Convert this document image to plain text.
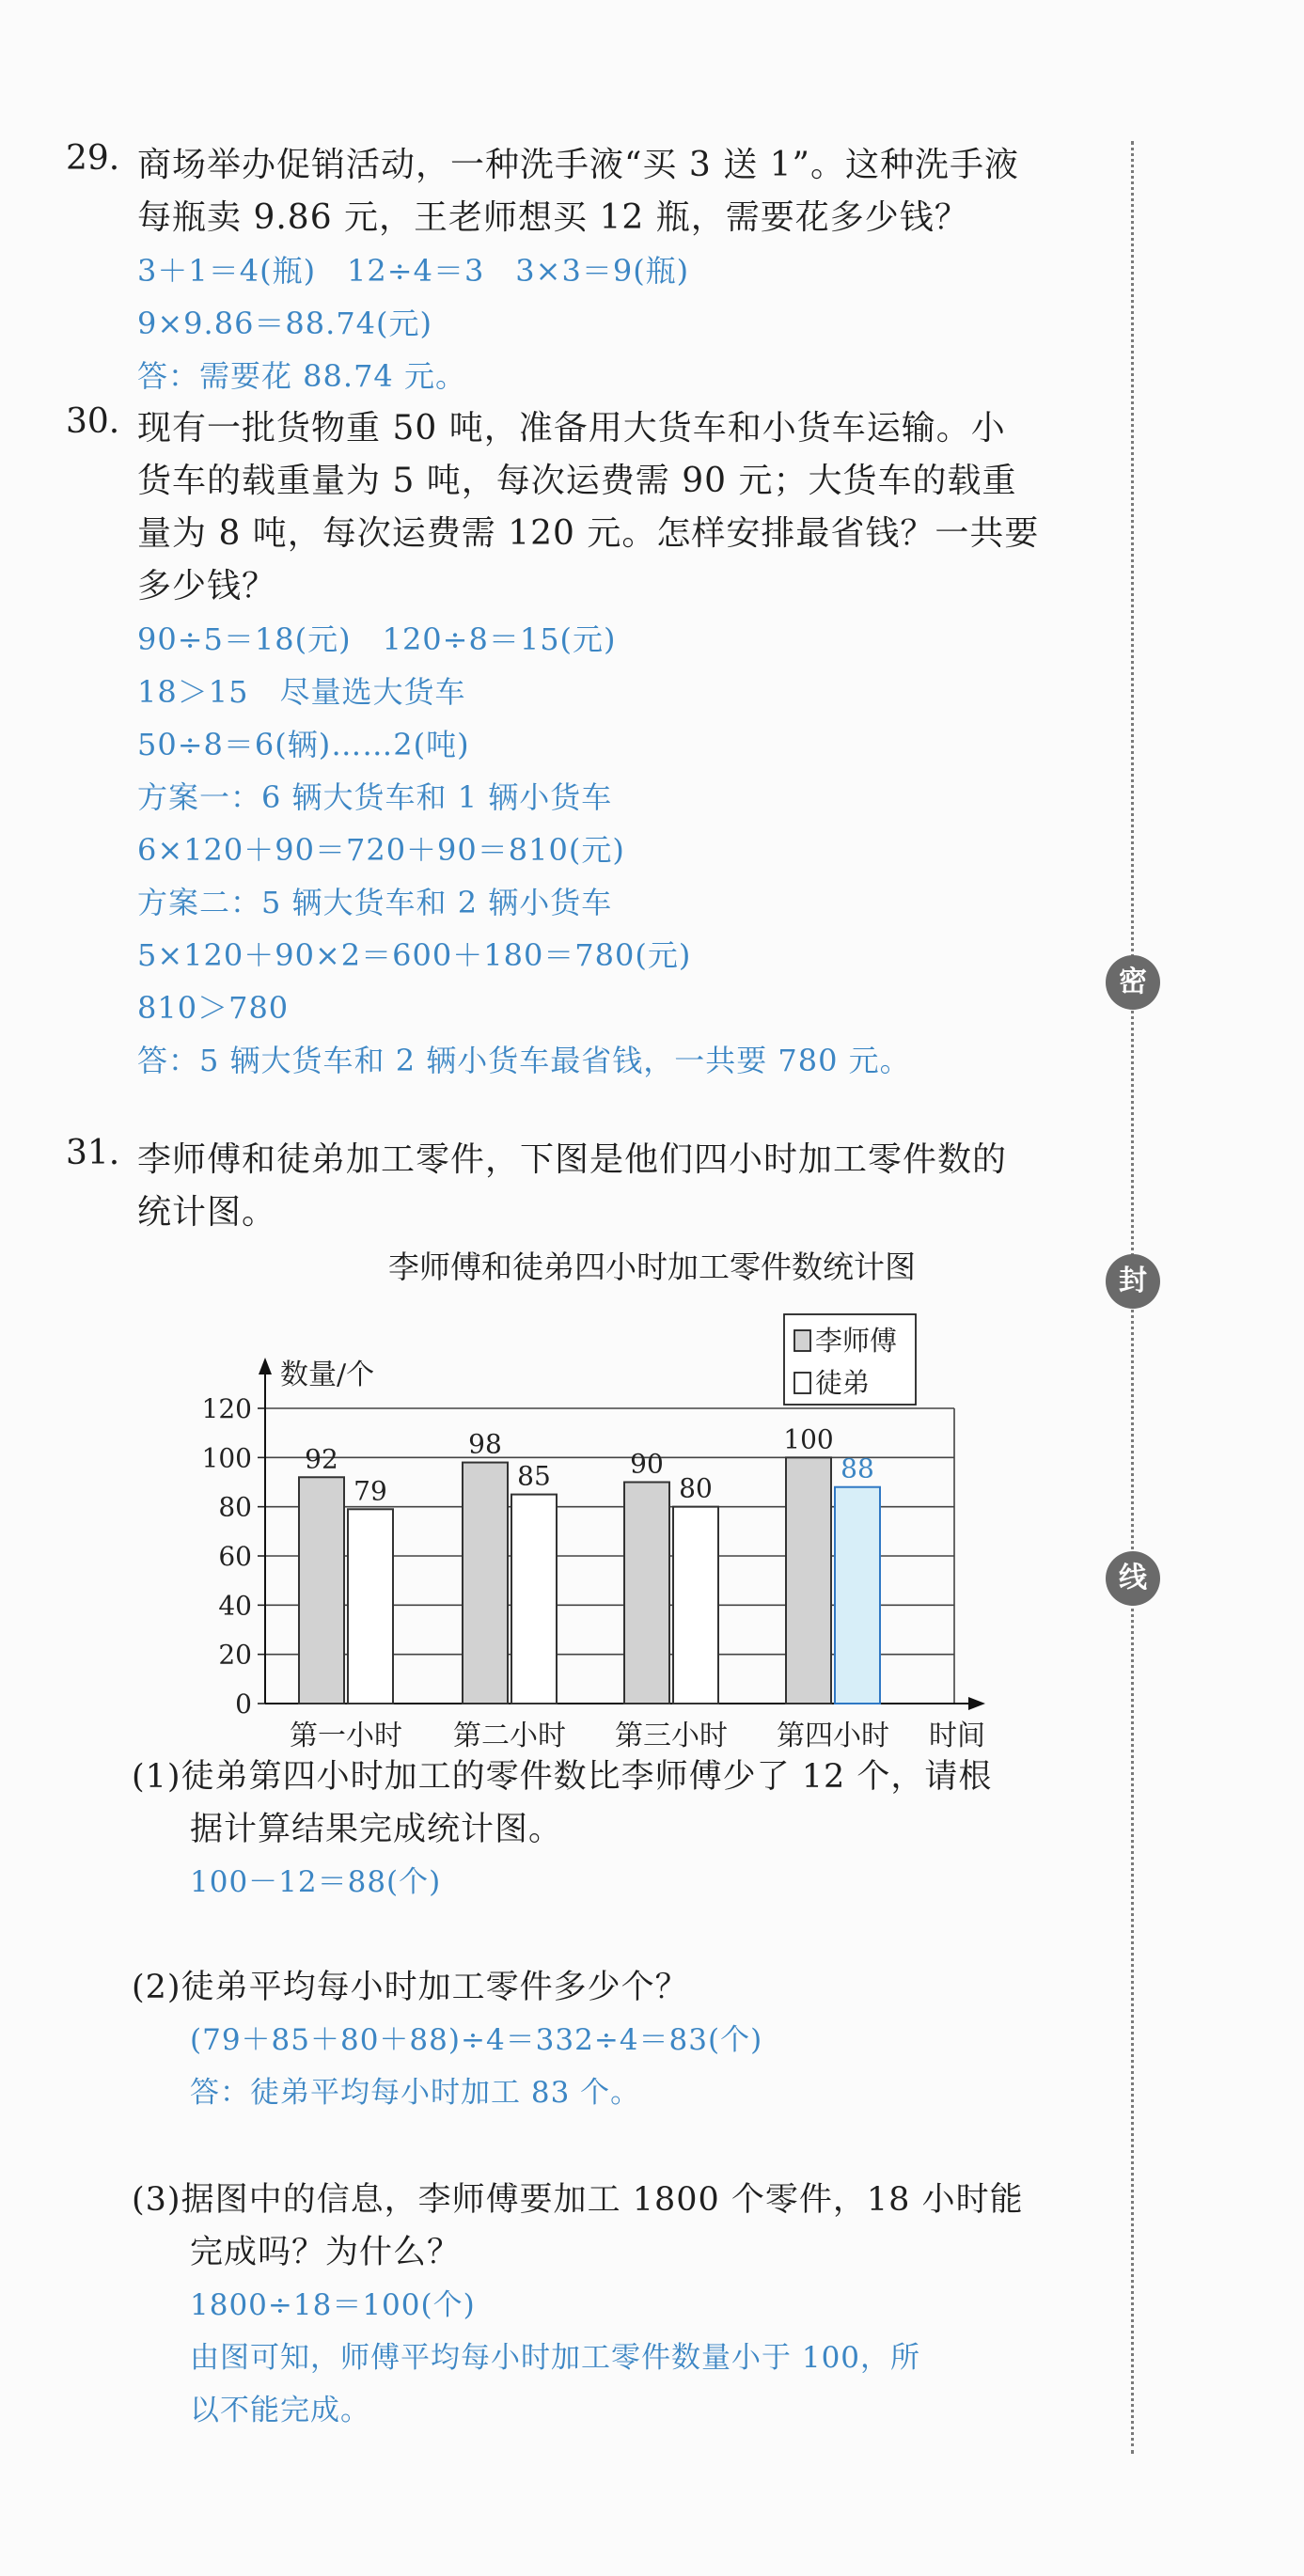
29. 商场举办促销活动，一种洗手液“买 3 送 1”。这种洗手液
每瓶卖 9.86 元，王老师想买 12 瓶，需要花多少钱？
3＋1＝4(瓶)　12÷4＝3　3×3＝9(瓶)
9×9.86＝88.74(元)
答：需要花 88.74 元。
30. 现有一批货物重 50 吨，准备用大货车和小货车运输。小
货车的载重量为 5 吨，每次运费需 90 元；大货车的载重
量为 8 吨，每次运费需 120 元。怎样安排最省钱？一共要
多少钱？
90÷5＝18(元)　120÷8＝15(元)
18＞15　尽量选大货车
50÷8＝6(辆)……2(吨)
方案一：6 辆大货车和 1 辆小货车
6×120＋90＝720＋90＝810(元)
方案二：5 辆大货车和 2 辆小货车
5×120＋90×2＝600＋180＝780(元)
810＞780
答：5 辆大货车和 2 辆小货车最省钱，一共要 780 元。
31. 李师傅和徒弟加工零件，下图是他们四小时加工零件数的
统计图。
李师傅和徒弟四小时加工零件数统计图
0
20
40
60
80
100
120
数量/个
时间
李师傅
徒弟
92
79
第一小时
98
85
第二小时
90
80
第三小时
100
88
第四小时
(1)徒弟第四小时加工的零件数比李师傅少了 12 个，请根
据计算结果完成统计图。
100－12＝88(个)
(2)徒弟平均每小时加工零件多少个？
(79＋85＋80＋88)÷4＝332÷4＝83(个)
答：徒弟平均每小时加工 83 个。
(3)据图中的信息，李师傅要加工 1800 个零件，18 小时能
完成吗？为什么？
1800÷18＝100(个)
由图可知，师傅平均每小时加工零件数量小于 100，所
以不能完成。
密
封
线
